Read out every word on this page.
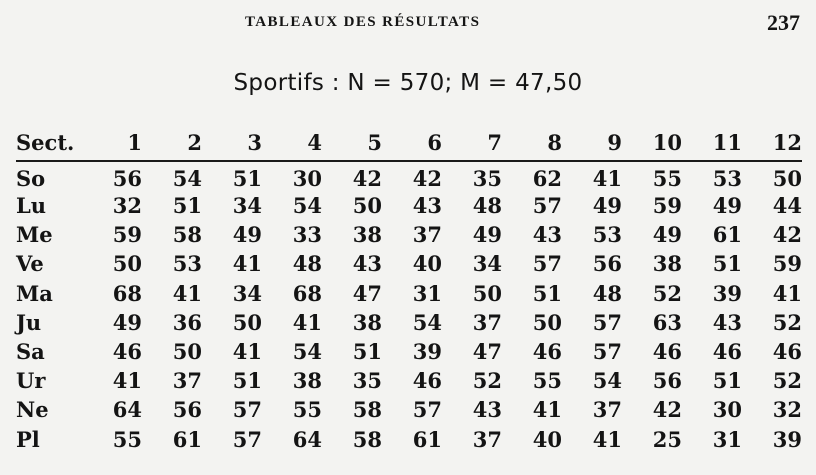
TABLEAUX DES RÉSULTATS	237
Sportifs : N = 570; M = 47,50
Sect.	1	2	3	4	5	6	7	8	9	10	11	12
So	56	54	51	30	42	42	35	62	41	55	53	50
Lu	32	51	34	54	50	43	48	57	49	59	49	44
Me	59	58	49	33	38	37	49	43	53	49	61	42
Ve	50	53	41	48	43	40	34	57	56	38	51	59
Ma	68	41	34	68	47	31	50	51	48	52	39	41
Ju	49	36	50	41	38	54	37	50	57	63	43	52
Sa	46	50	41	54	51	39	47	46	57	46	46	46
Ur	41	37	51	38	35	46	52	55	54	56	51	52
Ne	64	56	57	55	58	57	43	41	37	42	30	32
Pl	55	61	57	64	58	61	37	40	41	25	31	39
